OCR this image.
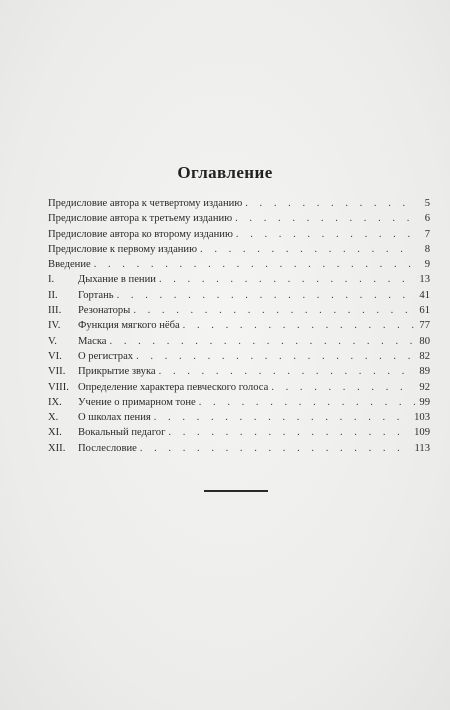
Оглавление
Предисловие автора к четвертому изданию . . .	5
Предисловие автора к третьему изданию . . .	6
Предисловие автора ко второму изданию . . .	7
Предисловие к первому изданию . . .	8
Введение . . .	9
I.	Дыхание в пении . . .	13
II.	Гортань . . .	41
III.	Резонаторы . . .	61
IV.	Функция мягкого нёба . . .	77
V.	Маска . . .	80
VI.	О регистрах . . .	82
VII.	Прикрытие звука . . .	89
VIII. Определение характера певческого голоса . . .	92
IX.	Учение о примарном тоне . . .	99
X.	О школах пения . . .	103
XI.	Вокальный педагог . . .	109
XII.	Послесловие . . .	113
